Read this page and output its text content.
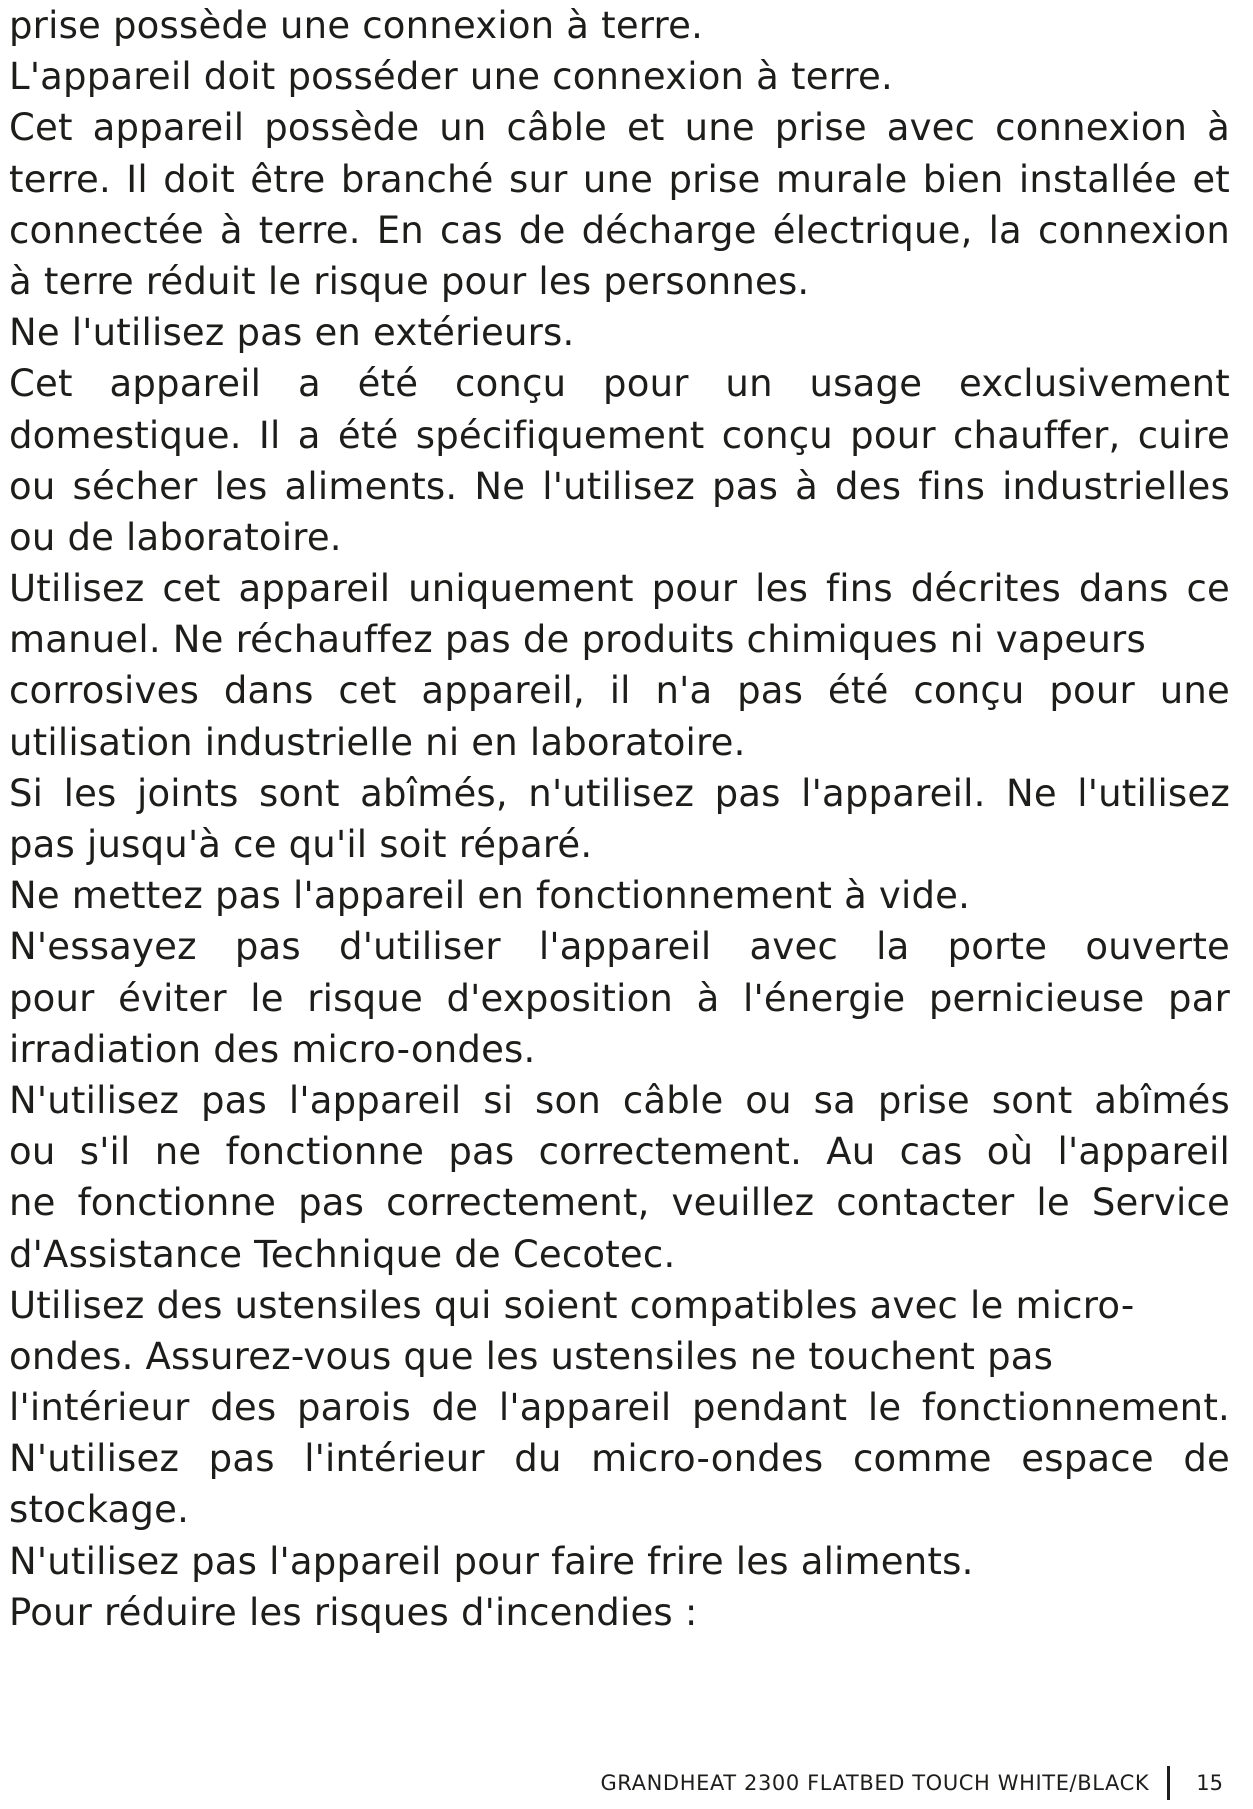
prise possède une connexion à terre.
L'appareil doit posséder une connexion à terre.
Cet appareil possède un câble et une prise avec connexion à
terre. Il doit être branché sur une prise murale bien installée et
connectée à terre. En cas de décharge électrique, la connexion
à terre réduit le risque pour les personnes.
Ne l'utilisez pas en extérieurs.
Cet appareil a été conçu pour un usage exclusivement
domestique. Il a été spécifiquement conçu pour chauffer, cuire
ou sécher les aliments. Ne l'utilisez pas à des fins industrielles
ou de laboratoire.
Utilisez cet appareil uniquement pour les fins décrites dans ce
manuel. Ne réchauffez pas de produits chimiques ni vapeurs
corrosives dans cet appareil, il n'a pas été conçu pour une
utilisation industrielle ni en laboratoire.
Si les joints sont abîmés, n'utilisez pas l'appareil. Ne l'utilisez
pas jusqu'à ce qu'il soit réparé.
Ne mettez pas l'appareil en fonctionnement à vide.
N'essayez pas d'utiliser l'appareil avec la porte ouverte
pour éviter le risque d'exposition à l'énergie pernicieuse par
irradiation des micro-ondes.
N'utilisez pas l'appareil si son câble ou sa prise sont abîmés
ou s'il ne fonctionne pas correctement. Au cas où l'appareil
ne fonctionne pas correctement, veuillez contacter le Service
d'Assistance Technique de Cecotec.
Utilisez des ustensiles qui soient compatibles avec le micro-
ondes. Assurez-vous que les ustensiles ne touchent pas
l'intérieur des parois de l'appareil pendant le fonctionnement.
N'utilisez pas l'intérieur du micro-ondes comme espace de
stockage.
N'utilisez pas l'appareil pour faire frire les aliments.
Pour réduire les risques d'incendies :
GRANDHEAT 2300 FLATBED TOUCH WHITE/BLACK 15
